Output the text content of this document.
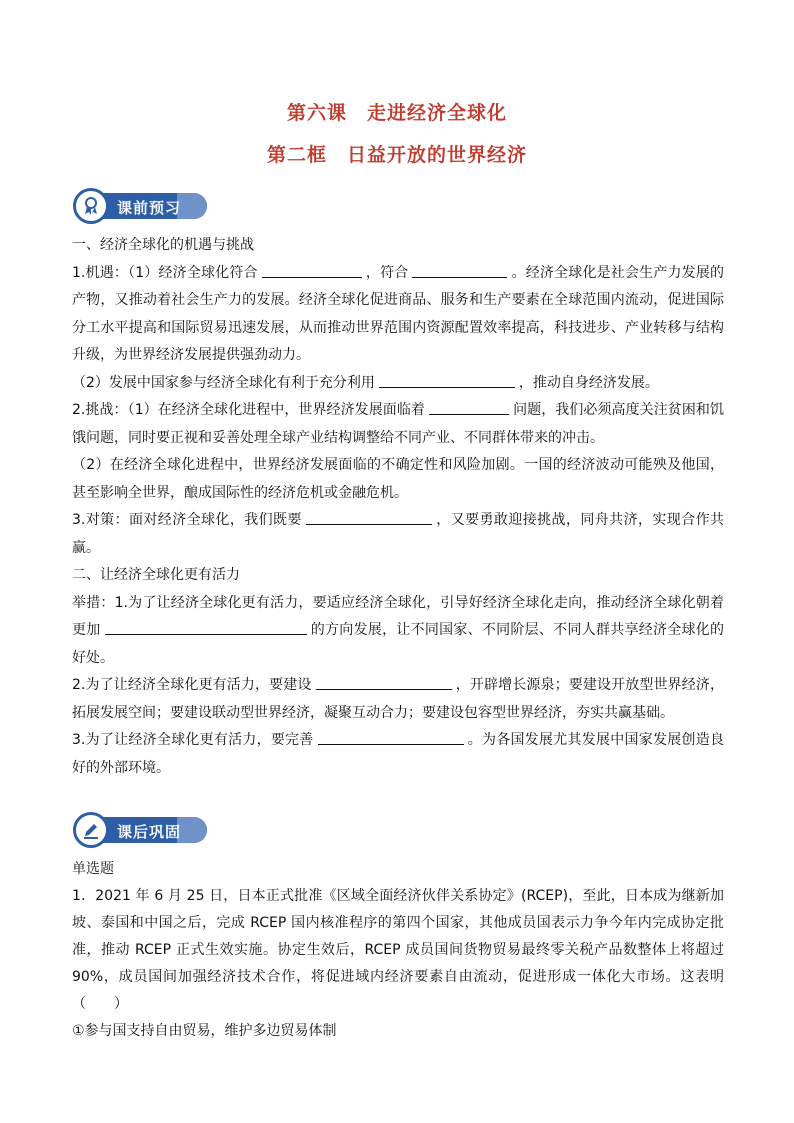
第六课　走进经济全球化
第二框　日益开放的世界经济
课前预习

一、经济全球化的机遇与挑战

1.机遇：（1）经济全球化符合	，符合	。经济全球化是社会生产力发展的产物，又推动着社会生产力的发展。经济全球化促进商品、服务和生产要素在全球范围内流动，促进国际分工水平提高和国际贸易迅速发展，从而推动世界范围内资源配置效率提高，科技进步、产业转移与结构升级，为世界经济发展提供强劲动力。

（2）发展中国家参与经济全球化有利于充分利用	，推动自身经济发展。

2.挑战：（1）在经济全球化进程中，世界经济发展面临着	问题，我们必须高度关注贫困和饥饿问题，同时要正视和妥善处理全球产业结构调整给不同产业、不同群体带来的冲击。

（2）在经济全球化进程中，世界经济发展面临的不确定性和风险加剧。一国的经济波动可能殃及他国，甚至影响全世界，酿成国际性的经济危机或金融危机。

3.对策：面对经济全球化，我们既要	，又要勇敢迎接挑战，同舟共济，实现合作共赢。

二、让经济全球化更有活力

举措：1.为了让经济全球化更有活力，要适应经济全球化，引导好经济全球化走向，推动经济全球化朝着更加	的方向发展，让不同国家、不同阶层、不同人群共享经济全球化的好处。

2.为了让经济全球化更有活力，要建设	，开辟增长源泉；要建设开放型世界经济，拓展发展空间；要建设联动型世界经济，凝聚互动合力；要建设包容型世界经济，夯实共赢基础。

3.为了让经济全球化更有活力，要完善	。为各国发展尤其发展中国家发展创造良好的外部环境。

课后巩固

单选题

1．2021 年 6 月 25 日，日本正式批准《区域全面经济伙伴关系协定》(RCEP)，至此，日本成为继新加坡、泰国和中国之后，完成 RCEP 国内核准程序的第四个国家，其他成员国表示力争今年内完成协定批准，推动 RCEP 正式生效实施。协定生效后，RCEP 成员国间货物贸易最终零关税产品数整体上将超过 90%，成员国间加强经济技术合作，将促进域内经济要素自由流动，促进形成一体化大市场。这表明（　　）

①参与国支持自由贸易，维护多边贸易体制
